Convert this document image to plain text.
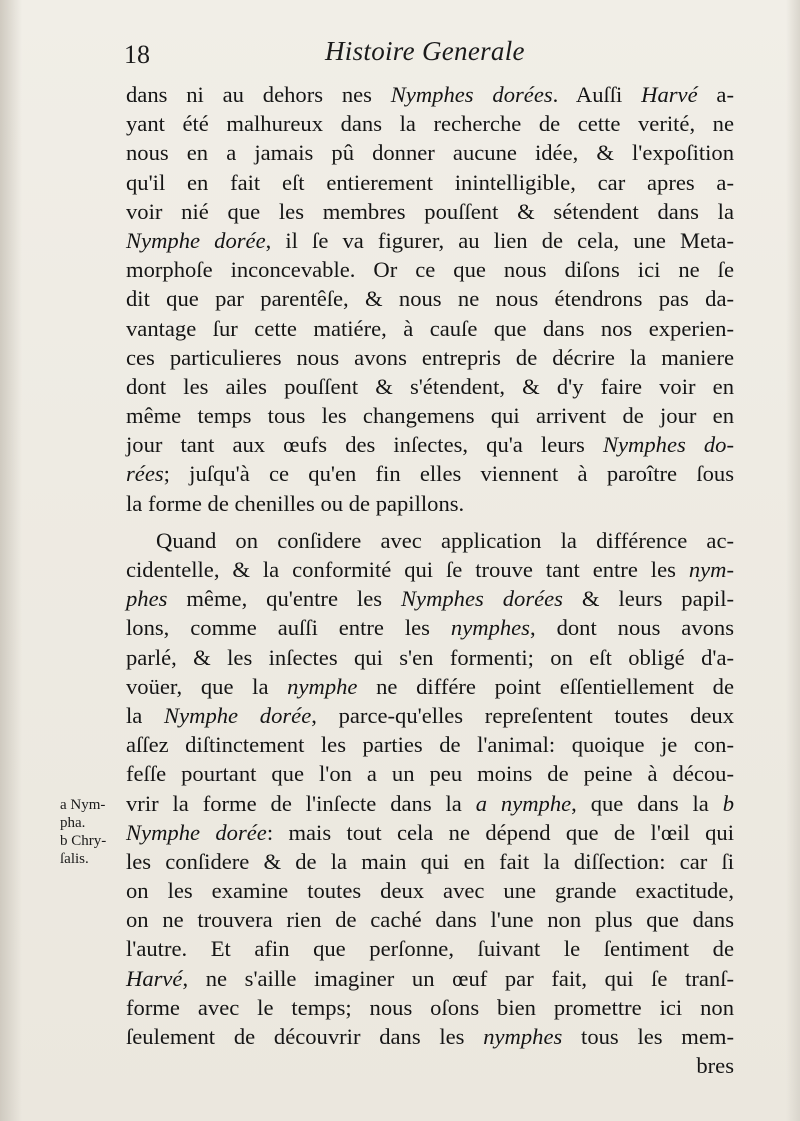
18	Histoire Generale
dans ni au dehors nes Nymphes dorées. Auſſi Harvé a-
yant été malhureux dans la recherche de cette verité, ne
nous en a jamais pû donner aucune idée, & l'expoſition
qu'il en fait eſt entierement inintelligible, car apres a-
voir nié que les membres pouſſent & sétendent dans la
Nymphe dorée, il ſe va figurer, au lien de cela, une Meta-
morphoſe inconcevable. Or ce que nous diſons ici ne ſe
dit que par parentêſe, & nous ne nous étendrons pas da-
vantage ſur cette matiére, à cauſe que dans nos experien-
ces particulieres nous avons entrepris de décrire la maniere
dont les ailes pouſſent & s'étendent, & d'y faire voir en
même temps tous les changemens qui arrivent de jour en
jour tant aux œufs des inſectes, qu'a leurs Nymphes do-
rées; juſqu'à ce qu'en fin elles viennent à paroître ſous
la forme de chenilles ou de papillons.
Quand on conſidere avec application la différence ac-
cidentelle, & la conformité qui ſe trouve tant entre les nym-
phes même, qu'entre les Nymphes dorées & leurs papil-
lons, comme auſſi entre les nymphes, dont nous avons
parlé, & les inſectes qui s'en formenti; on eſt obligé d'a-
voüer, que la nymphe ne différe point eſſentiellement de
la Nymphe dorée, parce-qu'elles repreſentent toutes deux
aſſez diſtinctement les parties de l'animal: quoique je con-
feſſe pourtant que l'on a un peu moins de peine à décou-
vrir la forme de l'inſecte dans la a nymphe, que dans la b
Nymphe dorée: mais tout cela ne dépend que de l'œil qui
les conſidere & de la main qui en fait la diſſection: car ſi
on les examine toutes deux avec une grande exactitude,
on ne trouvera rien de caché dans l'une non plus que dans
l'autre. Et afin que perſonne, ſuivant le ſentiment de
Harvé, ne s'aille imaginer un œuf par fait, qui ſe tranſ-
forme avec le temps; nous oſons bien promettre ici non
ſeulement de découvrir dans les nymphes tous les mem-
bres
a Nym-
pha.
b Chry-
ſalis.
